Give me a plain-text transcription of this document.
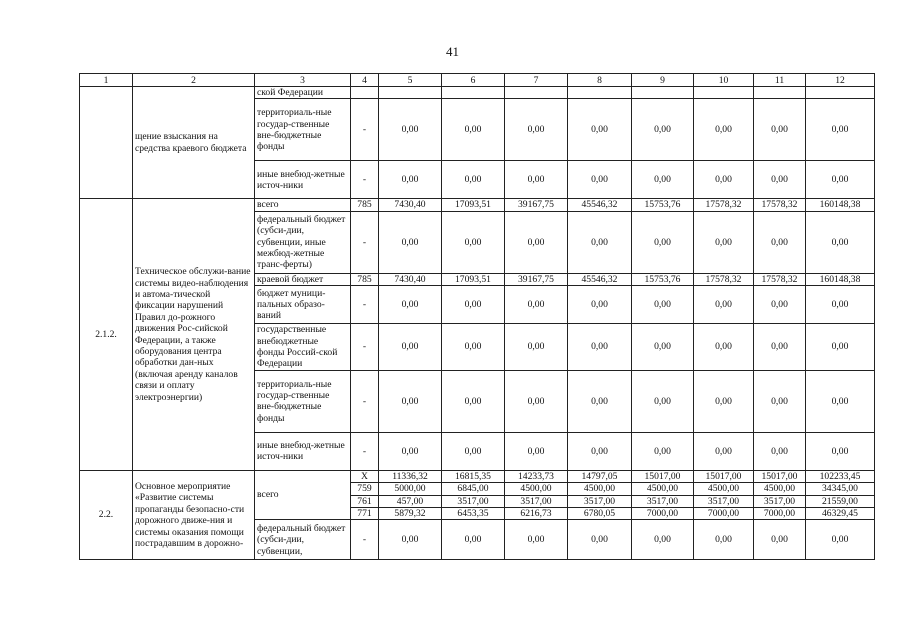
41
1	2	3	4	5	6	7	8	9	10	11	12
	щение взыскания на средства краевого бюджета	ской Федерации									
		территориаль-ные государ-ственные вне-бюджетные фонды	-	0,00	0,00	0,00	0,00	0,00	0,00	0,00	0,00
		иные внебюд-жетные источ-ники	-	0,00	0,00	0,00	0,00	0,00	0,00	0,00	0,00
2.1.2.	Техническое обслужи-вание системы видео-наблюдения и автома-тической фиксации нарушений Правил до-рожного движения Рос-сийской Федерации, а также оборудования центра обработки дан-ных (включая аренду каналов связи и оплату электроэнергии)	всего	785	7430,40	17093,51	39167,75	45546,32	15753,76	17578,32	17578,32	160148,38
		федеральный бюджет (субси-дии, субвенции, иные межбюд-жетные транс-ферты)	-	0,00	0,00	0,00	0,00	0,00	0,00	0,00	0,00
		краевой бюджет	785	7430,40	17093,51	39167,75	45546,32	15753,76	17578,32	17578,32	160148,38
		бюджет муници-пальных образо-ваний	-	0,00	0,00	0,00	0,00	0,00	0,00	0,00	0,00
		государственные внебюджетные фонды Россий-ской Федерации	-	0,00	0,00	0,00	0,00	0,00	0,00	0,00	0,00
		территориаль-ные государ-ственные вне-бюджетные фонды	-	0,00	0,00	0,00	0,00	0,00	0,00	0,00	0,00
		иные внебюд-жетные источ-ники	-	0,00	0,00	0,00	0,00	0,00	0,00	0,00	0,00
2.2.	Основное мероприятие «Развитие системы пропаганды безопасно-сти дорожного движе-ния и системы оказания помощи пострадавшим в дорожно-	всего	X	11336,32	16815,35	14233,73	14797,05	15017,00	15017,00	15017,00	102233,45
			759	5000,00	6845,00	4500,00	4500,00	4500,00	4500,00	4500,00	34345,00
			761	457,00	3517,00	3517,00	3517,00	3517,00	3517,00	3517,00	21559,00
			771	5879,32	6453,35	6216,73	6780,05	7000,00	7000,00	7000,00	46329,45
		федеральный бюджет (субси-дии, субвенции,	-	0,00	0,00	0,00	0,00	0,00	0,00	0,00	0,00
